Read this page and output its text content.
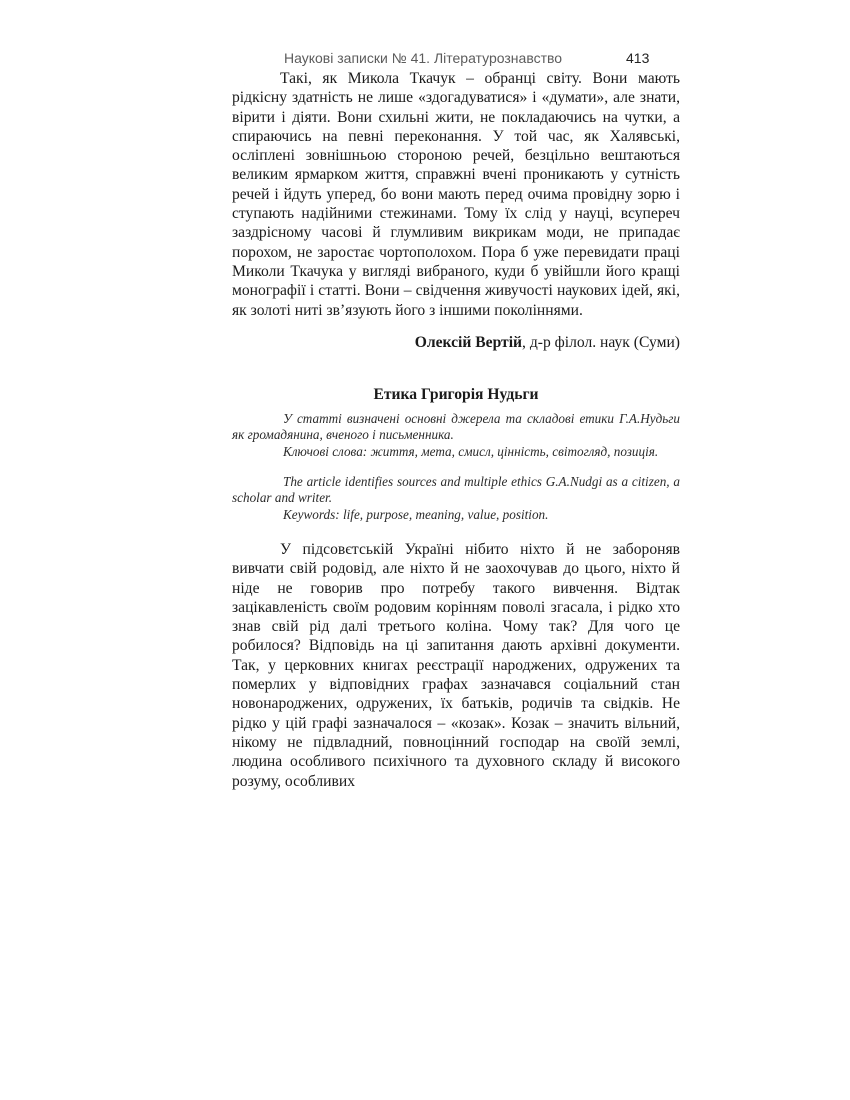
Наукові записки № 41. Літературознавство	413

Такі, як Микола Ткачук – обранці світу. Вони мають рідкісну здатність не лише «здогадуватися» і «думати», але знати, вірити і діяти. Вони схильні жити, не покладаючись на чутки, а спираючись на певні переконання. У той час, як Халявські, осліплені зовнішньою стороною речей, безцільно вештаються великим ярмарком життя, справжні вчені проникають у сутність речей і йдуть уперед, бо вони мають перед очима провідну зорю і ступають надійними стежинами. Тому їх слід у науці, всупереч заздрісному часові й глумливим викрикам моди, не припадає порохом, не заростає чортополохом. Пора б уже перевидати праці Миколи Ткачука у вигляді вибраного, куди б увійшли його кращі монографії і статті. Вони – свідчення живучості наукових ідей, які, як золоті ниті зв’язують його з іншими поколіннями.

Олексій Вертій, д-р філол. наук (Суми)
Етика Григорія Нудьги

У статті визначені основні джерела та складові етики Г.А.Нудьги як громадянина, вченого і письменника.

Ключові слова: життя, мета, смисл, цінність, світогляд, позиція.

The article identifies sources and multiple ethics G.A.Nudgi as a citizen, a scholar and writer.

Keywords: life, purpose, meaning, value, position.

У підсовєтській Україні нібито ніхто й не забороняв вивчати свій родовід, але ніхто й не заохочував до цього, ніхто й ніде не говорив про потребу такого вивчення. Відтак зацікавленість своїм родовим корінням поволі згасала, і рідко хто знав свій рід далі третього коліна. Чому так? Для чого це робилося? Відповідь на ці запитання дають архівні документи. Так, у церковних книгах реєстрації народжених, одружених та померлих у відповідних графах зазначався соціальний стан новонароджених, одружених, їх батьків, родичів та свідків. Не рідко у цій графі зазначалося – «козак». Козак – значить вільний, нікому не підвладний, повноцінний господар на своїй землі, людина особливого психічного та духовного складу й високого розуму, особливих
